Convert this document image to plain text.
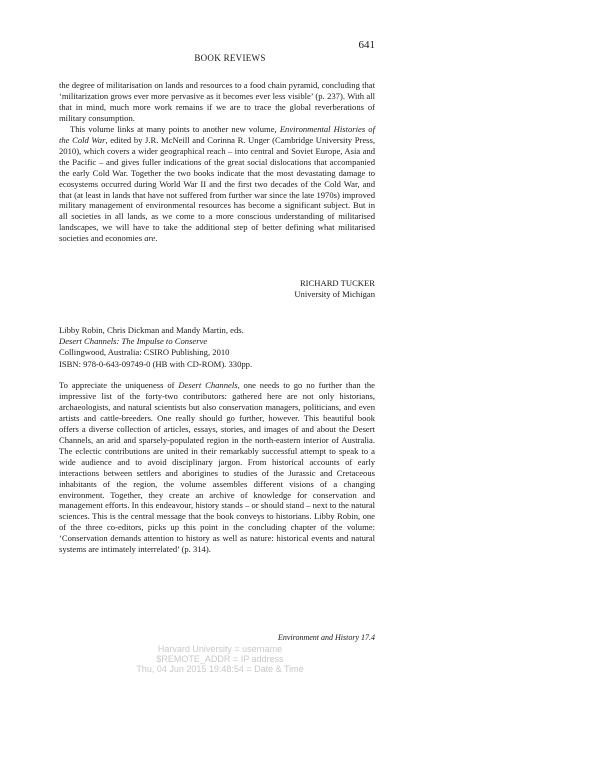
641
BOOK REVIEWS

the degree of militarisation on lands and resources to a food chain pyramid, concluding that ‘militarization grows ever more pervasive as it becomes ever less visible’ (p. 237). With all that in mind, much more work remains if we are to trace the global reverberations of military consumption.

This volume links at many points to another new volume, Environmental Histories of the Cold War, edited by J.R. McNeill and Corinna R. Unger (Cambridge University Press, 2010), which covers a wider geographical reach – into central and Soviet Europe, Asia and the Pacific – and gives fuller indications of the great social dislocations that accompanied the early Cold War. Together the two books indicate that the most devastating damage to ecosystems occurred during World War II and the first two decades of the Cold War, and that (at least in lands that have not suffered from further war since the late 1970s) improved military management of environmental resources has become a significant subject. But in all societies in all lands, as we come to a more conscious understanding of militarised landscapes, we will have to take the additional step of better defining what militarised societies and economies are.

RICHARD TUCKER
University of Michigan
Libby Robin, Chris Dickman and Mandy Martin, eds.
Desert Channels: The Impulse to Conserve
Collingwood, Australia: CSIRO Publishing, 2010
ISBN: 978-0-643-09749-0 (HB with CD-ROM). 330pp.

To appreciate the uniqueness of Desert Channels, one needs to go no further than the impressive list of the forty-two contributors: gathered here are not only historians, archaeologists, and natural scientists but also conservation managers, politicians, and even artists and cattle-breeders. One really should go further, however. This beautiful book offers a diverse collection of articles, essays, stories, and images of and about the Desert Channels, an arid and sparsely-populated region in the north-eastern interior of Australia. The eclectic contributions are united in their remarkably successful attempt to speak to a wide audience and to avoid disciplinary jargon. From historical accounts of early interactions between settlers and aborigines to studies of the Jurassic and Cretaceous inhabitants of the region, the volume assembles different visions of a changing environment. Together, they create an archive of knowledge for conservation and management efforts. In this endeavour, history stands – or should stand – next to the natural sciences. This is the central message that the book conveys to historians. Libby Robin, one of the three co-editors, picks up this point in the concluding chapter of the volume: ‘Conservation demands attention to history as well as nature: historical events and natural systems are intimately interrelated’ (p. 314).

Environment and History 17.4
Harvard University = username
$REMOTE_ADDR = IP address
Thu, 04 Jun 2015 19:48:54 = Date & Time
